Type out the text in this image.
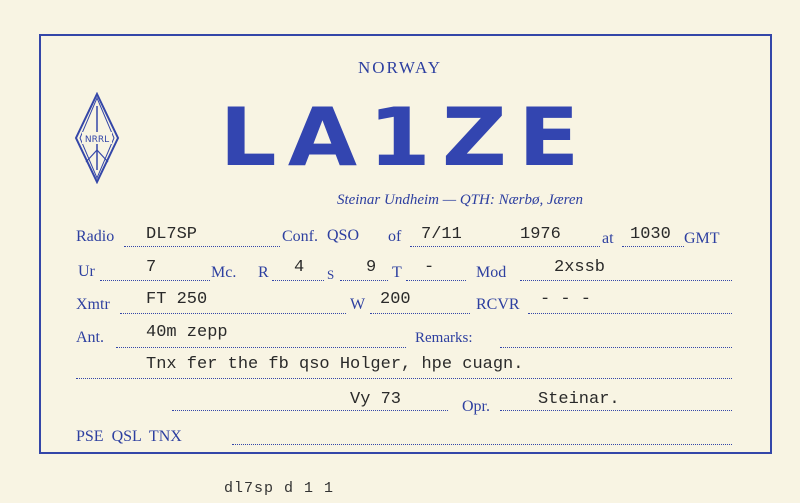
NORWAY
NRRL	LA1ZE
Steinar Undheim — QTH: Nærbø, Jæren
Radio DL7SP	Conf. QSO of 7/11	1976	at 1030 GMT
Ur	7	Mc. R 4 S 9 T -	Mod	2xssb
Xmtr FT 250	W 200	RCVR - - -
Ant. 40m zepp	Remarks:
Tnx fer the fb qso Holger, hpe cuagn.
Vy 73	Opr.	Steinar.
PSE  QSL  TNX
dl7sp d 1 1
